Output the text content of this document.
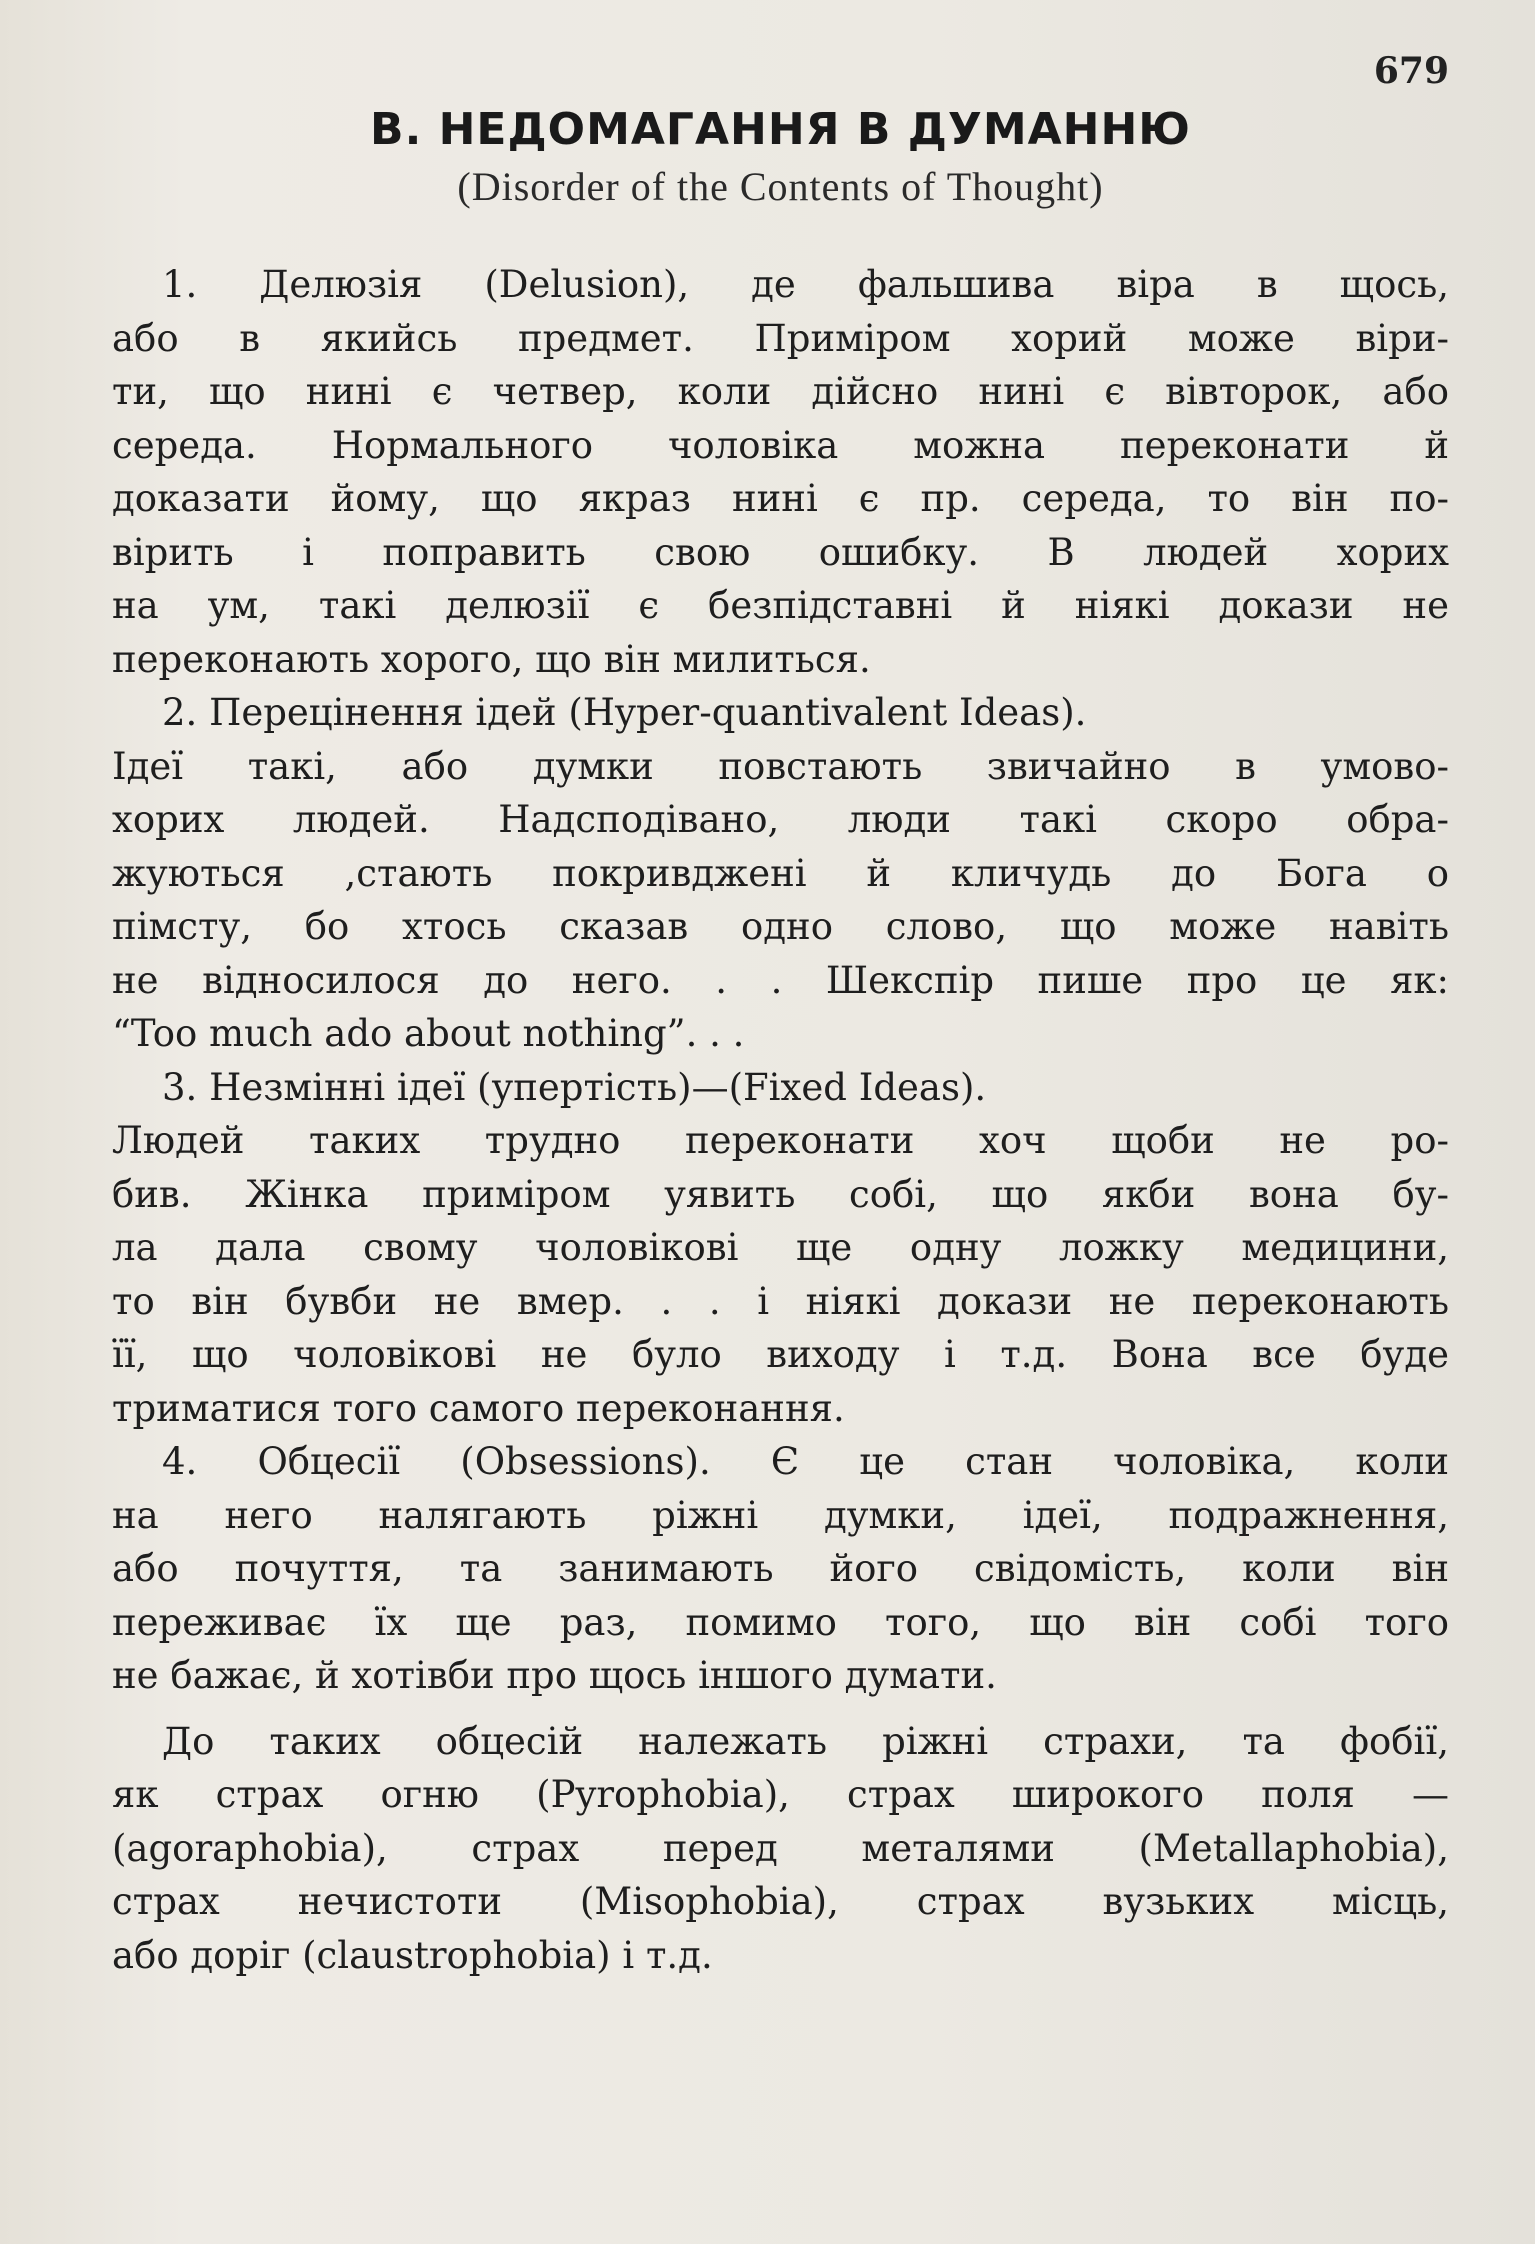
679
В. НЕДОМАГАННЯ В ДУМАННЮ
(Disorder of the Contents of Thought)
1. Делюзія (Delusion), де фальшива віра в щось,
або в якийсь предмет. Приміром хорий може віри-
ти, що нині є четвер, коли дійсно нині є вівторок, або
середа. Нормального чоловіка можна переконати й
доказати йому, що якраз нині є пр. середа, то він по-
вірить і поправить свою ошибку. В людей хорих
на ум, такі делюзії є безпідставні й ніякі докази не
переконають хорого, що він милиться.
2. Перецінення ідей (Hyper-quantivalent Ideas).
Ідеї такі, або думки повстають звичайно в умово-
хорих людей. Надсподівано, люди такі скоро обра-
жуються ,стають покривджені й кличудь до Бога о
пімсту, бо хтось сказав одно слово, що може навіть
не відносилося до него. . . Шекспір пише про це як:
“Too much ado about nothing”. . .
3. Незмінні ідеї (упертість)—(Fixed Ideas).
Людей таких трудно переконати хоч щоби не ро-
бив. Жінка приміром уявить собі, що якби вона бу-
ла дала свому чоловікові ще одну ложку медицини,
то він бувби не вмер. . . і ніякі докази не переконають
її, що чоловікові не було виходу і т.д. Вона все буде
триматися того самого переконання.
4. Обцесії (Obsessions). Є це стан чоловіка, коли
на него налягають ріжні думки, ідеї, подражнення,
або почуття, та занимають його свідомість, коли він
переживає їх ще раз, помимо того, що він собі того
не бажає, й хотівби про щось іншого думати.
До таких обцесій належать ріжні страхи, та фобії,
як страх огню (Pyrophobia), страх широкого поля —
(agoraphobia), страх перед металями (Metallaphobia),
страх нечистоти (Misophobia), страх вузьких місць,
або доріг (claustrophobia) і т.д.
